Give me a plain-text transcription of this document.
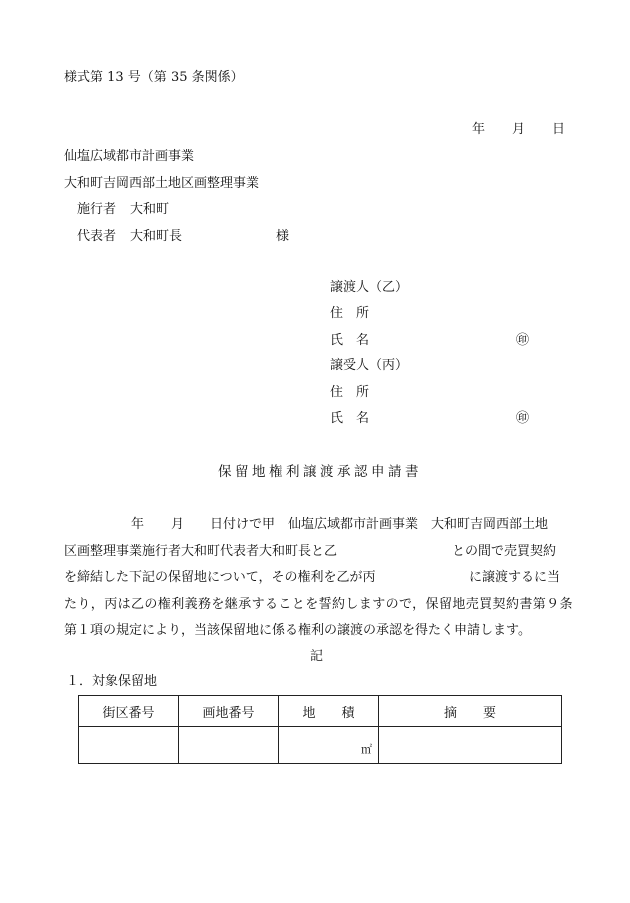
様式第 13 号（第 35 条関係）
年 月 日
仙塩広域都市計画事業
大和町吉岡西部土地区画整理事業
施行者 大和町
代表者 大和町長	様
譲渡人（乙）
住　所
氏　名	㊞
譲受人（丙）
住　所
氏　名	㊞
保留地権利譲渡承認申請書
年 月 日付けで甲　仙塩広域都市計画事業　大和町吉岡西部土地
区画整理事業施行者大和町代表者大和町長と乙	との間で売買契約
を締結した下記の保留地について，その権利を乙が丙	に譲渡するに当
たり，丙は乙の権利義務を継承することを誓約しますので，保留地売買契約書第９条
第１項の規定により，当該保留地に係る権利の譲渡の承認を得たく申請します。
記
１．対象保留地
街区番号	画地番号	地　　積	摘　　要
		㎡	
